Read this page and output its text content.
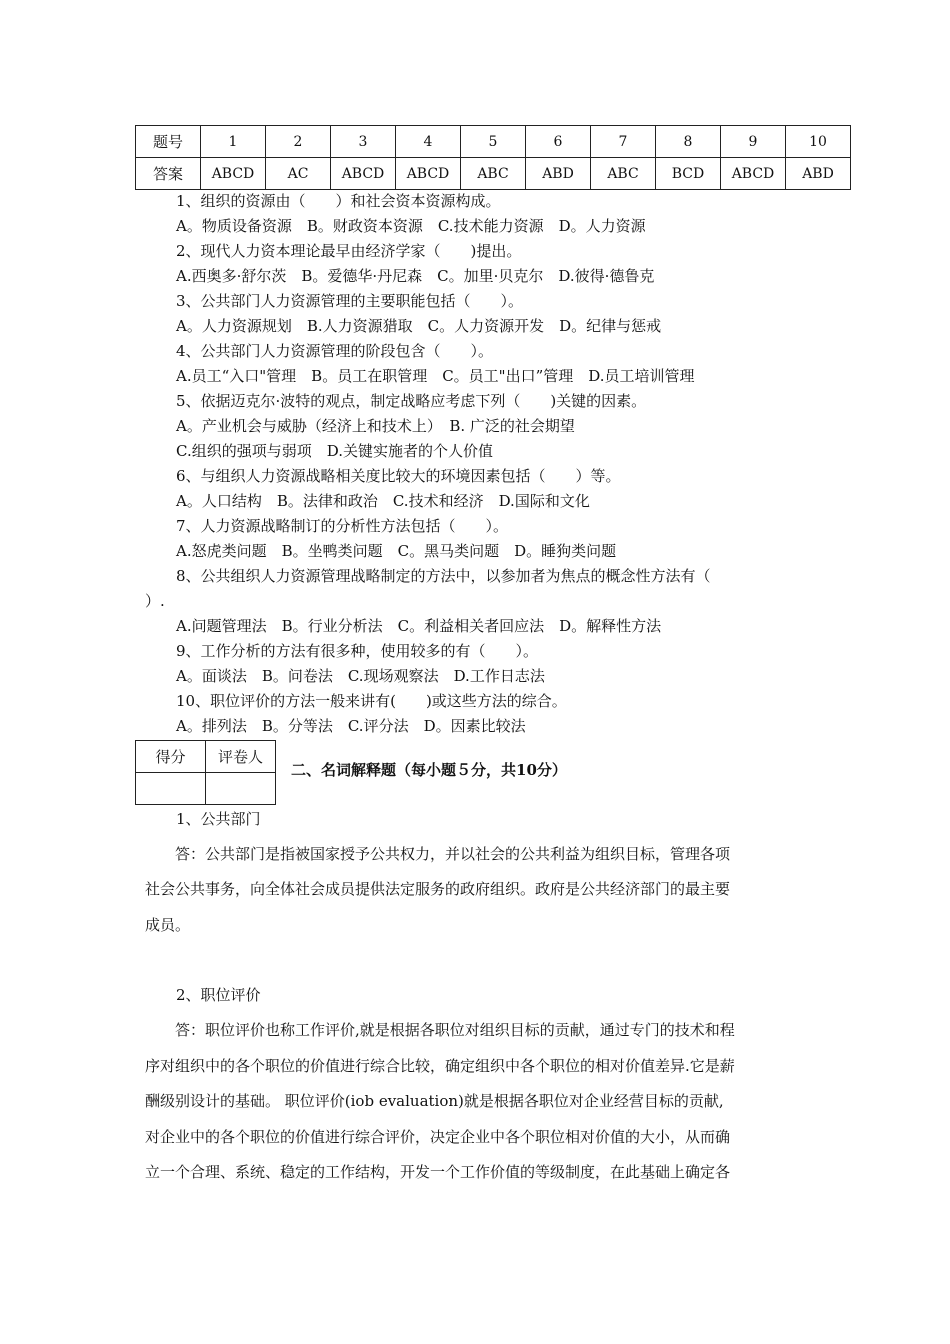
题号	1	2	3	4	5	6	7	8	9	10
答案	ABCD	AC	ABCD	ABCD	ABC	ABD	ABC	BCD	ABCD	ABD
1、组织的资源由（　　）和社会资本资源构成。
A。物质设备资源　B。财政资本资源　C.技术能力资源　D。人力资源
2、现代人力资本理论最早由经济学家（　　)提出。
A.西奥多·舒尔茨　B。爱德华·丹尼森　C。加里·贝克尔　D.彼得·德鲁克
3、公共部门人力资源管理的主要职能包括（　　）。
A。人力资源规划　B.人力资源猎取　C。人力资源开发　D。纪律与惩戒
4、公共部门人力资源管理的阶段包含（　　）。
A.员工“入口"管理　B。员工在职管理　C。员工"出口”管理　D.员工培训管理
5、依据迈克尔·波特的观点，制定战略应考虑下列（　　)关键的因素。
A。产业机会与威胁（经济上和技术上）　B. 广泛的社会期望
C.组织的强项与弱项　D.关键实施者的个人价值
6、与组织人力资源战略相关度比较大的环境因素包括（　　）等。
A。人口结构　B。法律和政治　C.技术和经济　D.国际和文化
7、人力资源战略制订的分析性方法包括（　　）。
A.怒虎类问题　B。坐鸭类问题　C。黑马类问题　D。睡狗类问题
8、公共组织人力资源管理战略制定的方法中，以参加者为焦点的概念性方法有（
）.
A.问题管理法　B。行业分析法　C。利益相关者回应法　D。解释性方法
9、工作分析的方法有很多种，使用较多的有（　　）。
A。面谈法　B。问卷法　C.现场观察法　D.工作日志法
10、职位评价的方法一般来讲有(　　)或这些方法的综合。
A。排列法　B。分等法　C.评分法　D。因素比较法
得分	评卷人

二、名词解释题（每小题５分，共10分）
1、公共部门
　　答：公共部门是指被国家授予公共权力，并以社会的公共利益为组织目标，管理各项
社会公共事务，向全体社会成员提供法定服务的政府组织。政府是公共经济部门的最主要
成员。
2、职位评价
　　答：职位评价也称工作评价,就是根据各职位对组织目标的贡献，通过专门的技术和程
序对组织中的各个职位的价值进行综合比较，确定组织中各个职位的相对价值差异.它是薪
酬级别设计的基础。 职位评价(iob evaluation)就是根据各职位对企业经营目标的贡献,
对企业中的各个职位的价值进行综合评价，决定企业中各个职位相对价值的大小，从而确
立一个合理、系统、稳定的工作结构，开发一个工作价值的等级制度，在此基础上确定各
